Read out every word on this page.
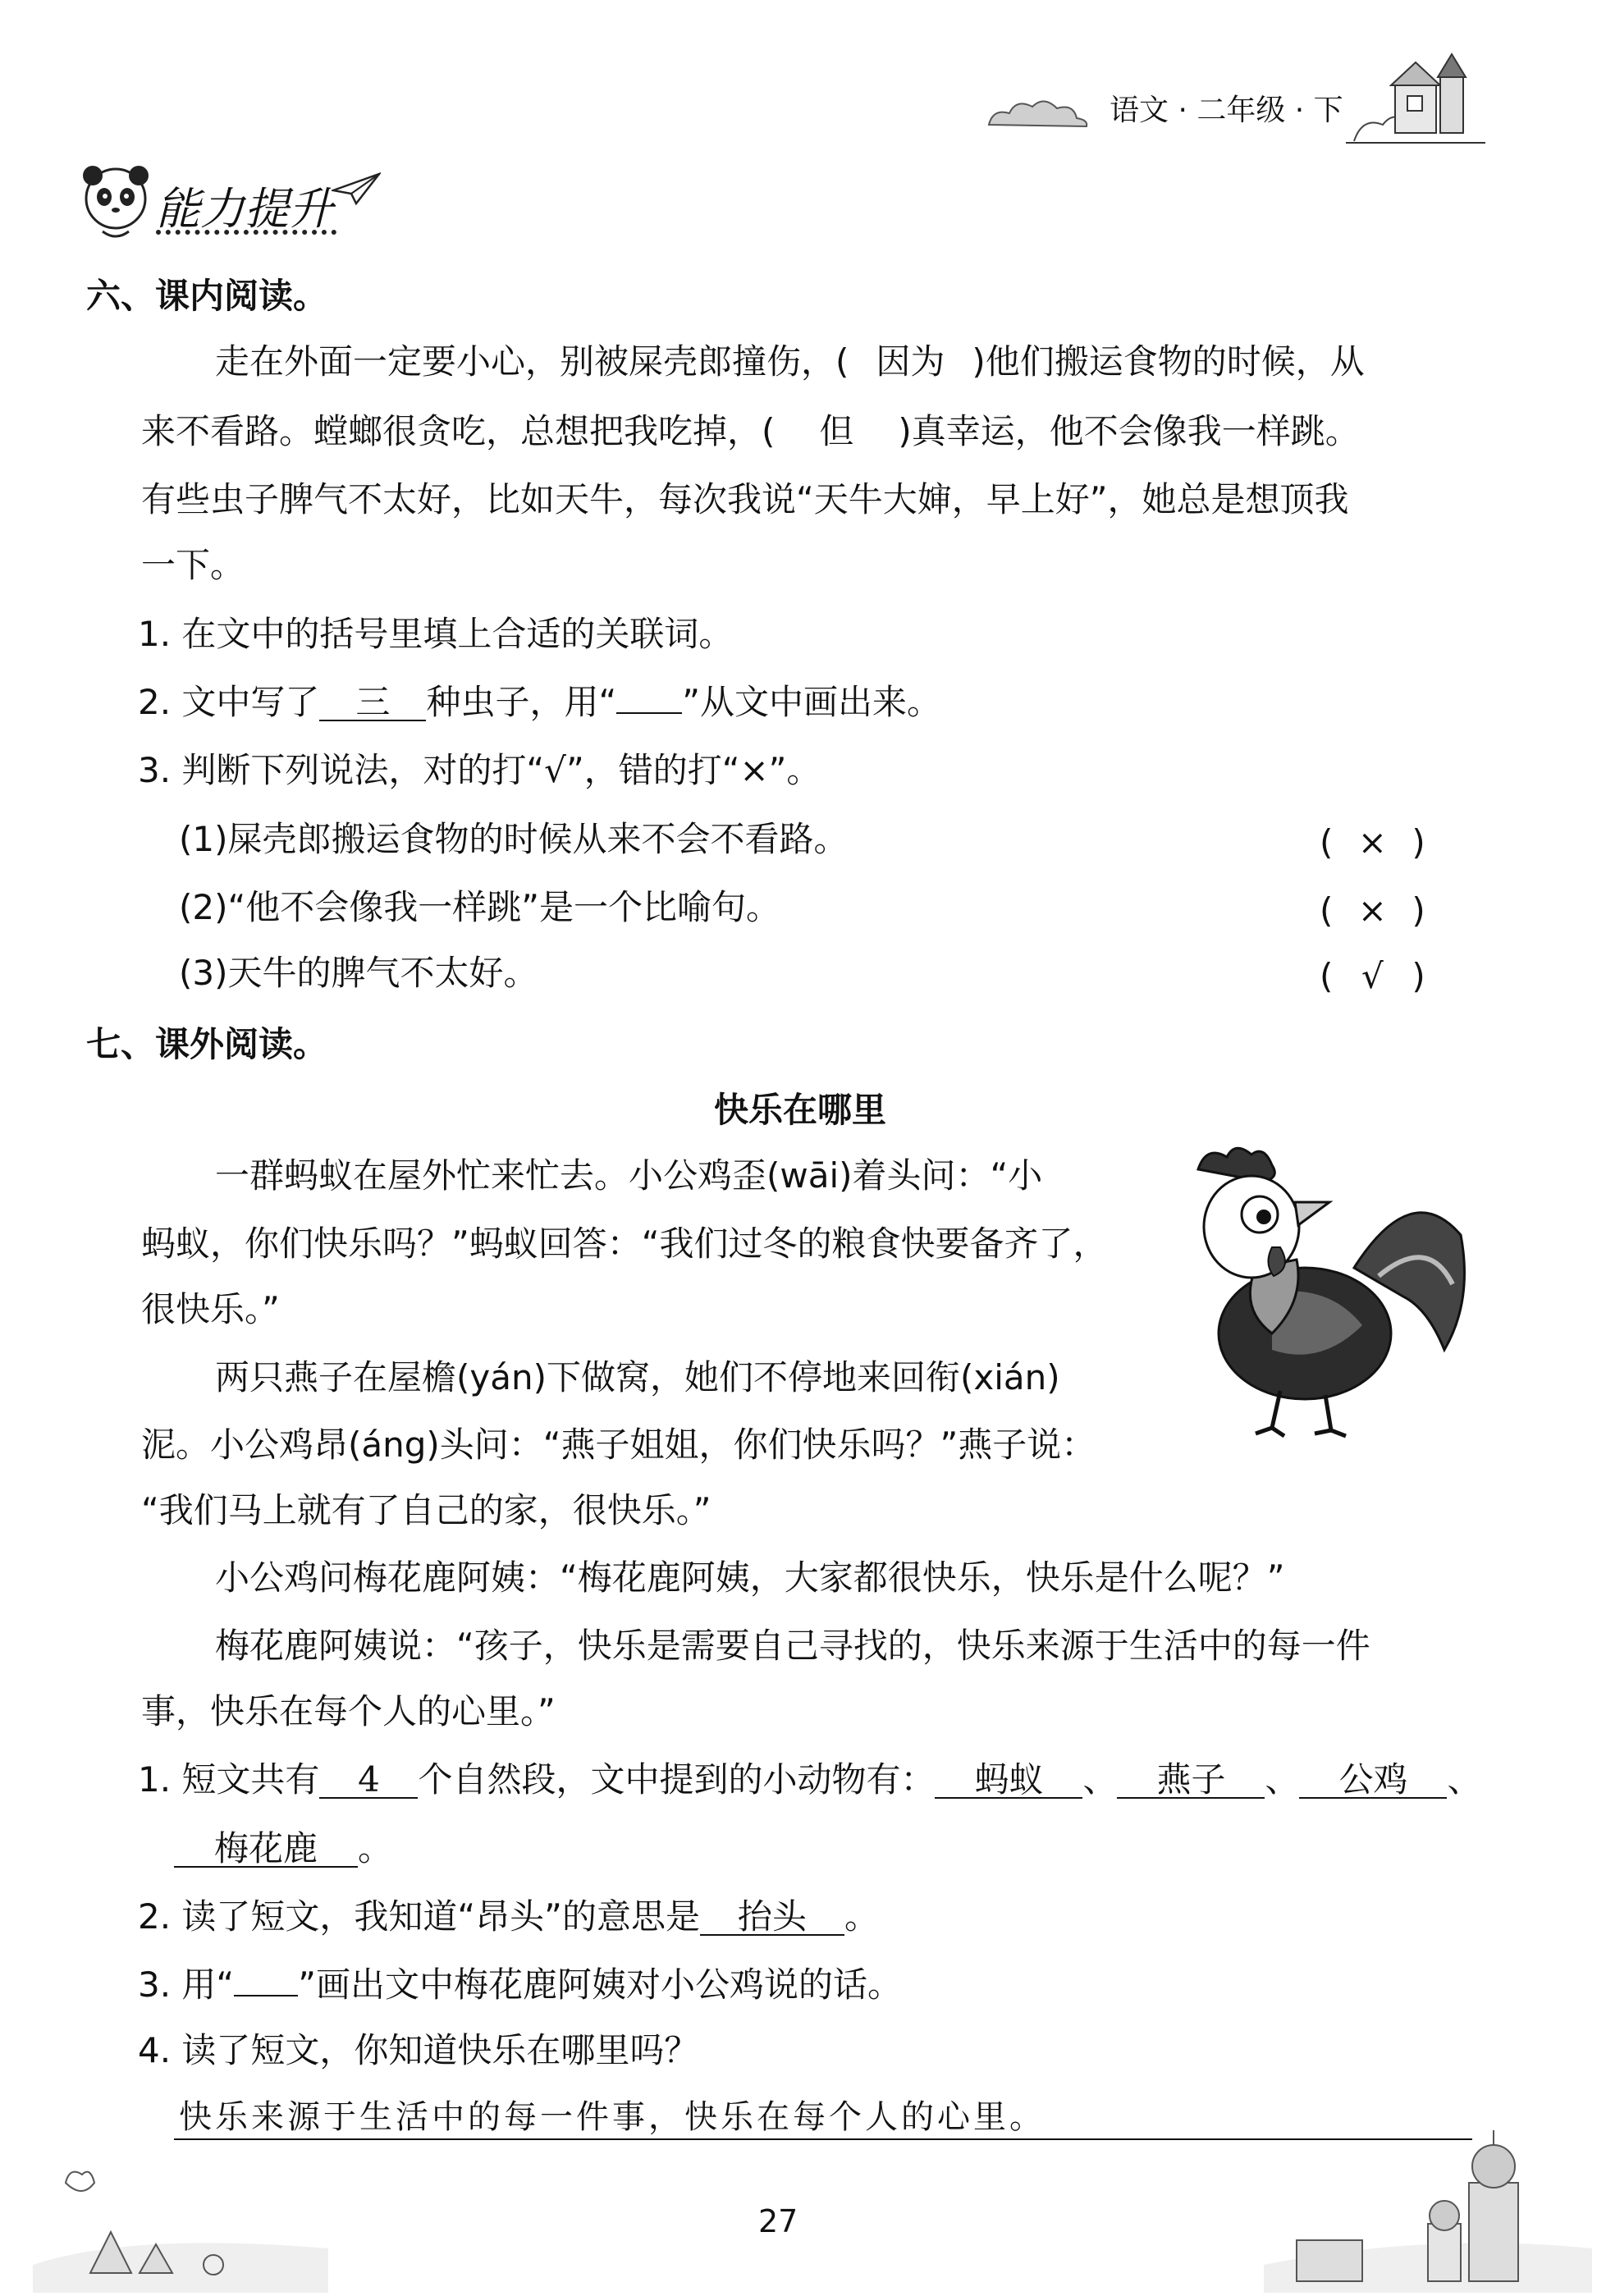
语文 · 二年级 · 下
能力提升
六、课内阅读。
走在外面一定要小心，别被屎壳郎撞伤，( 因为 )他们搬运食物的时候，从
来不看路。螳螂很贪吃，总想把我吃掉，( 但 )真幸运，他不会像我一样跳。
有些虫子脾气不太好，比如天牛，每次我说“天牛大婶，早上好”，她总是想顶我
一下。
1. 在文中的括号里填上合适的关联词。
2. 文中写了 三 种虫子，用“ ”从文中画出来。
3. 判断下列说法，对的打“√”，错的打“×”。
(1)屎壳郎搬运食物的时候从来不会不看路。	( × )
(2)“他不会像我一样跳”是一个比喻句。	( × )
(3)天牛的脾气不太好。	( √ )
七、课外阅读。
快乐在哪里
一群蚂蚁在屋外忙来忙去。小公鸡歪(wāi)着头问：“小
蚂蚁，你们快乐吗？”蚂蚁回答：“我们过冬的粮食快要备齐了，
很快乐。”
两只燕子在屋檐(yán)下做窝，她们不停地来回衔(xián)
泥。小公鸡昂(áng)头问：“燕子姐姐，你们快乐吗？”燕子说：
“我们马上就有了自己的家，很快乐。”
小公鸡问梅花鹿阿姨：“梅花鹿阿姨，大家都很快乐，快乐是什么呢？”
梅花鹿阿姨说：“孩子，快乐是需要自己寻找的，快乐来源于生活中的每一件
事，快乐在每个人的心里。”
1. 短文共有 4 个自然段，文中提到的小动物有： 蚂蚁 、 燕子 、 公鸡 、
梅花鹿 。
2. 读了短文，我知道“昂头”的意思是 抬头 。
3. 用“ ”画出文中梅花鹿阿姨对小公鸡说的话。
4. 读了短文，你知道快乐在哪里吗？
快乐来源于生活中的每一件事，快乐在每个人的心里。
27
